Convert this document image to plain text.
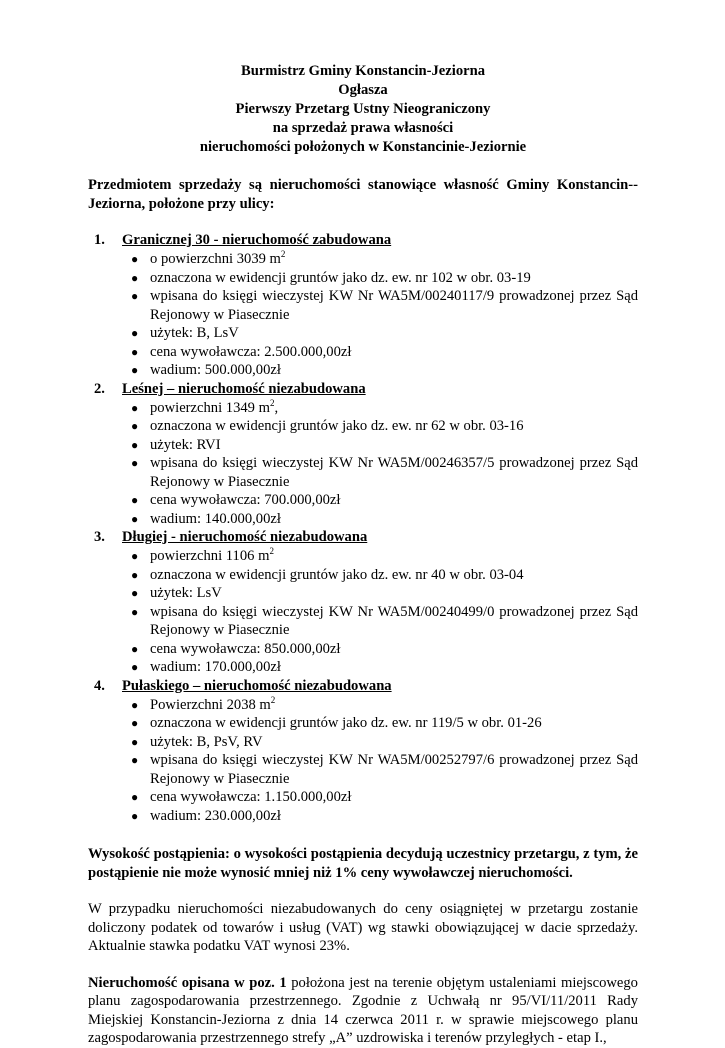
Burmistrz Gminy Konstancin-Jeziorna
Ogłasza
Pierwszy Przetarg Ustny Nieograniczony
na sprzedaż prawa własności
nieruchomości położonych w Konstancinie-Jeziornie
Przedmiotem sprzedaży są nieruchomości stanowiące własność Gminy Konstancin--Jeziorna, położone przy ulicy:
1.	Granicznej 30 - nieruchomość zabudowana
● o powierzchni 3039 $m^2$
● oznaczona w ewidencji gruntów jako dz. ew. nr 102 w obr. 03-19
● wpisana do księgi wieczystej KW Nr WA5M/00240117/9 prowadzonej przez Sąd Rejonowy w Piasecznie
● użytek: B, LsV
● cena wywoławcza: 2.500.000,00zł
● wadium: 500.000,00zł
2.	Leśnej – nieruchomość niezabudowana
● powierzchni 1349 $m^2$,
● oznaczona w ewidencji gruntów jako dz. ew. nr 62 w obr. 03-16
● użytek: RVI
● wpisana do księgi wieczystej KW Nr WA5M/00246357/5 prowadzonej przez Sąd Rejonowy w Piasecznie
● cena wywoławcza: 700.000,00zł
● wadium: 140.000,00zł
3.	Długiej - nieruchomość niezabudowana
● powierzchni 1106 $m^2$
● oznaczona w ewidencji gruntów jako dz. ew. nr 40 w obr. 03-04
● użytek: LsV
● wpisana do księgi wieczystej KW Nr WA5M/00240499/0 prowadzonej przez Sąd Rejonowy w Piasecznie
● cena wywoławcza: 850.000,00zł
● wadium: 170.000,00zł
4.	Pułaskiego – nieruchomość niezabudowana
● Powierzchni 2038 $m^2$
● oznaczona w ewidencji gruntów jako dz. ew. nr 119/5 w obr. 01-26
● użytek: B, PsV, RV
● wpisana do księgi wieczystej KW Nr WA5M/00252797/6 prowadzonej przez Sąd Rejonowy w Piasecznie
● cena wywoławcza: 1.150.000,00zł
● wadium: 230.000,00zł
Wysokość postąpienia: o wysokości postąpienia decydują uczestnicy przetargu, z tym, że postąpienie nie może wynosić mniej niż 1% ceny wywoławczej nieruchomości.
W przypadku nieruchomości niezabudowanych do ceny osiągniętej w przetargu zostanie doliczony podatek od towarów i usług (VAT) wg stawki obowiązującej w dacie sprzedaży. Aktualnie stawka podatku VAT wynosi 23%.
Nieruchomość opisana w poz. 1 położona jest na terenie objętym ustaleniami miejscowego planu zagospodarowania przestrzennego. Zgodnie z Uchwałą nr 95/VI/11/2011 Rady Miejskiej Konstancin-Jeziorna z dnia 14 czerwca 2011 r. w sprawie miejscowego planu zagospodarowania przestrzennego strefy „A” uzdrowiska i terenów przyległych - etap I.,
